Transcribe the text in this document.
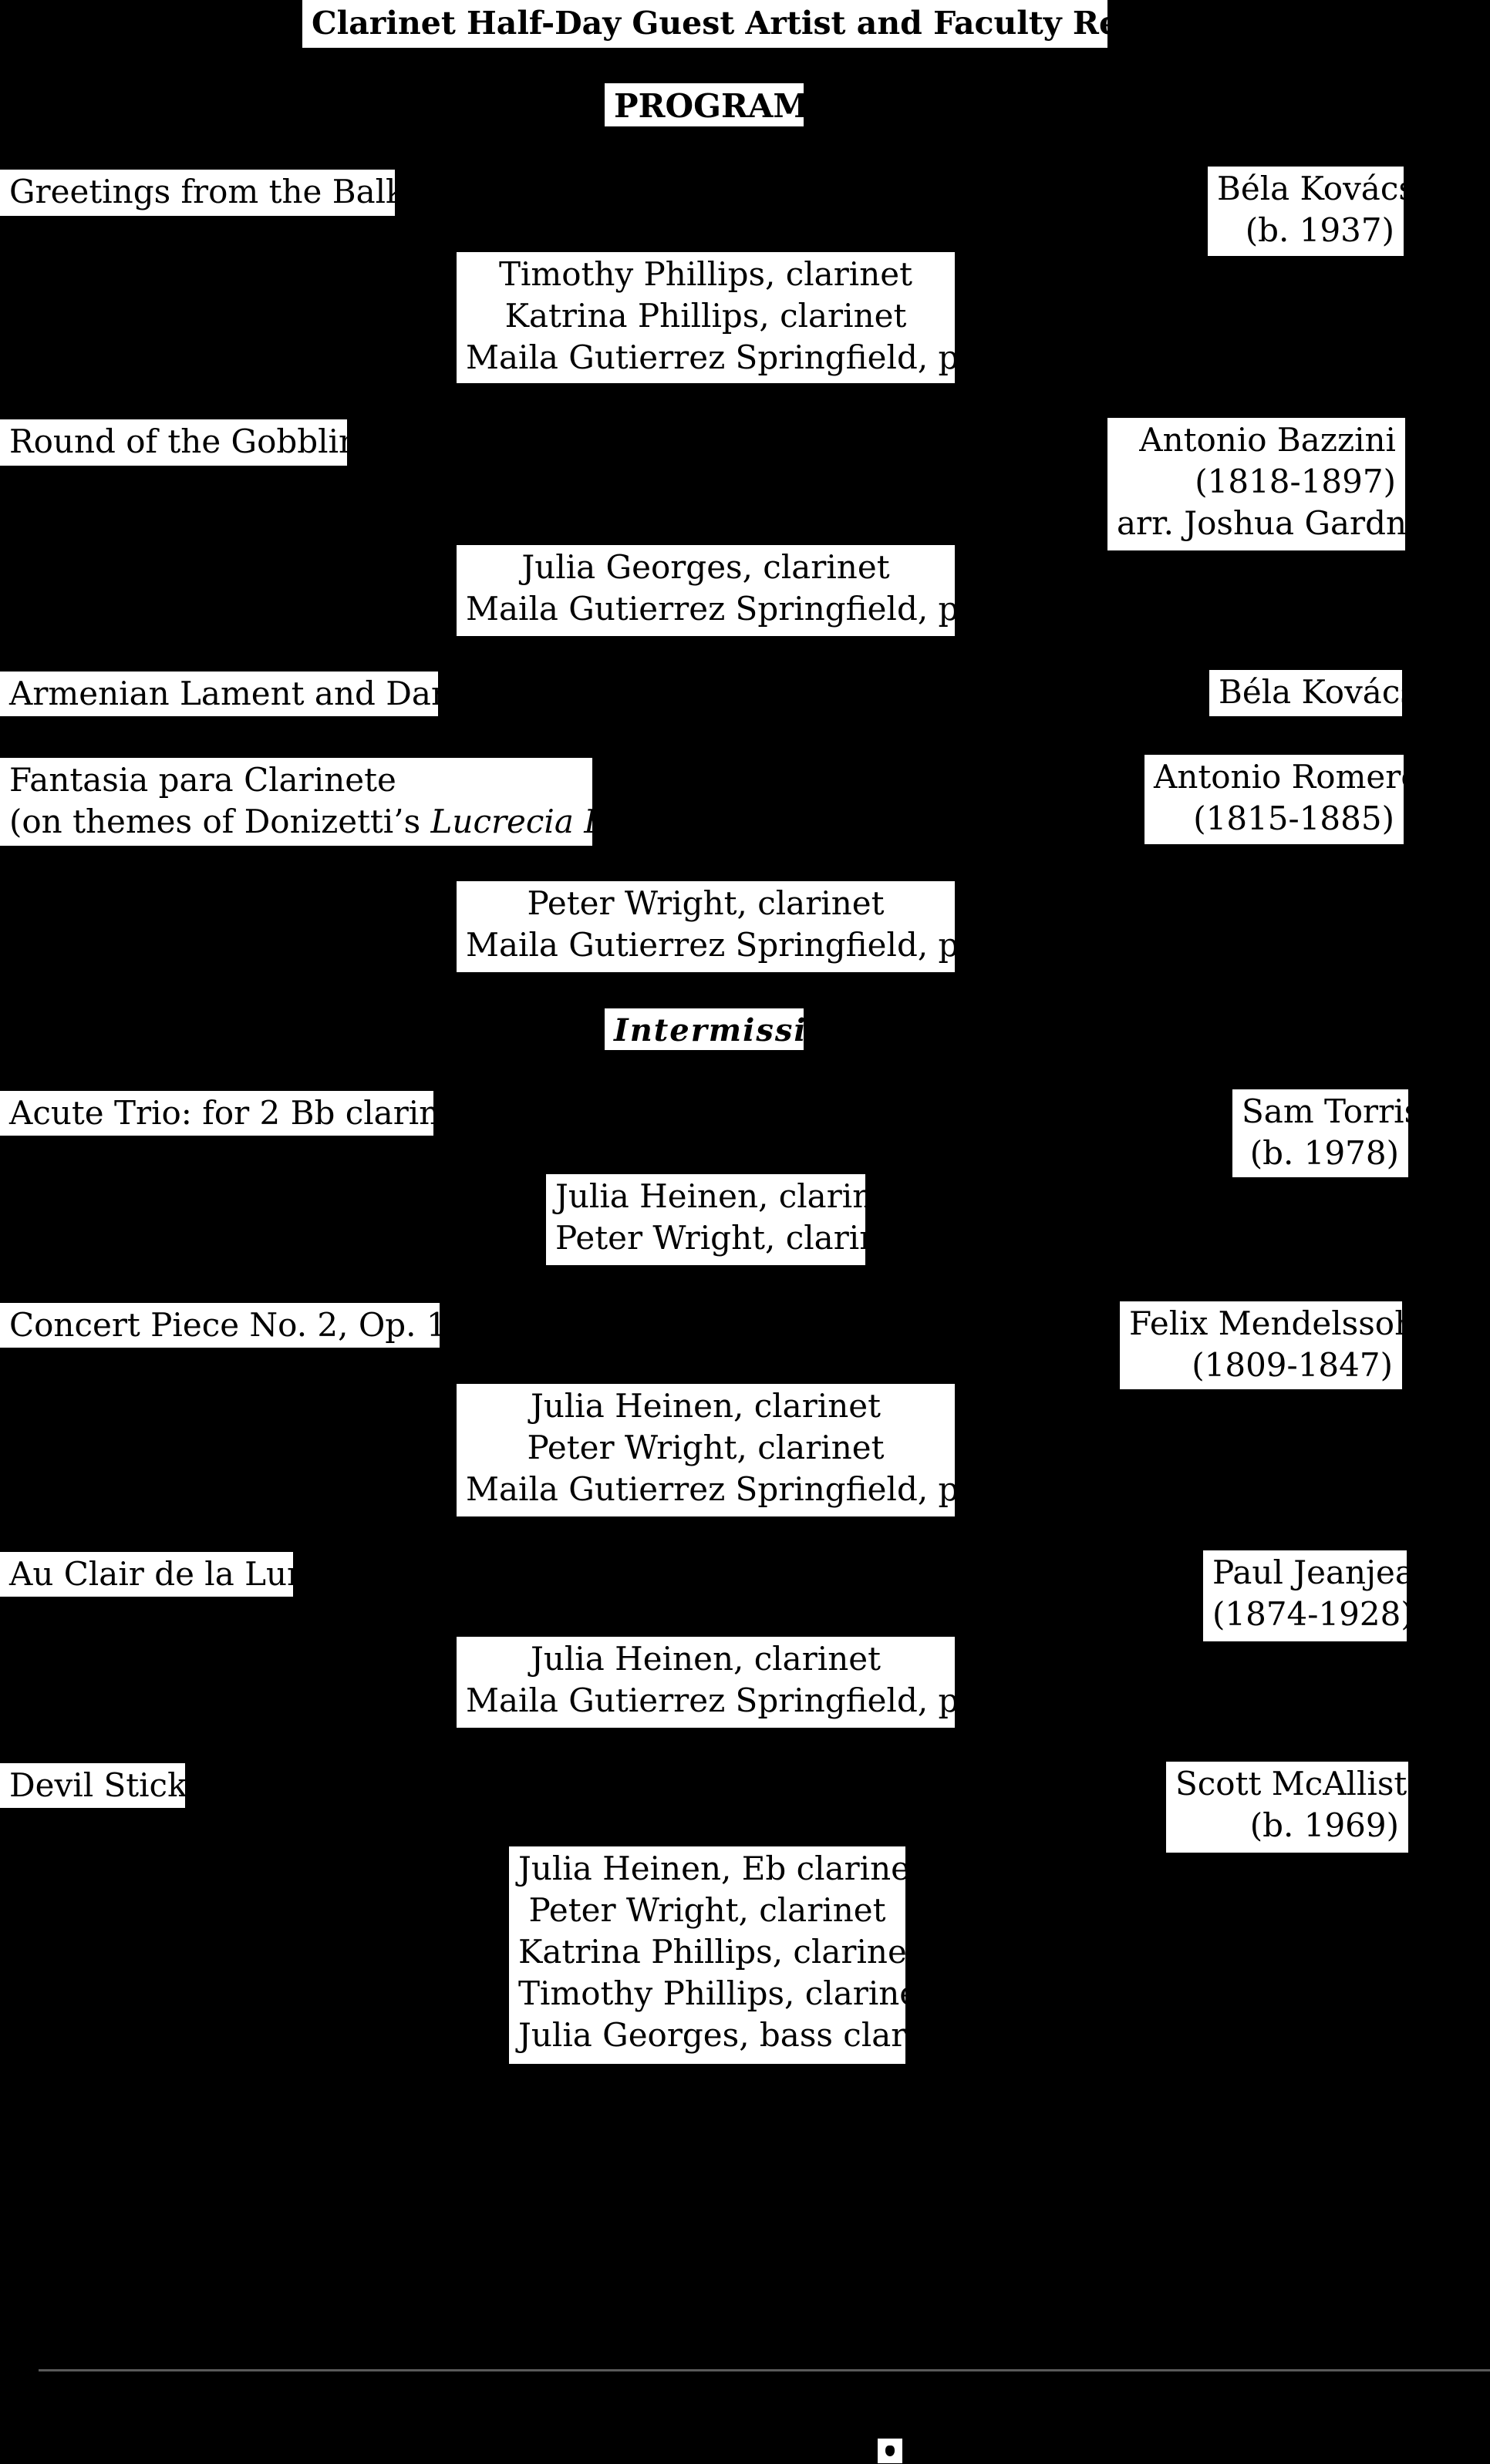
Clarinet Half-Day Guest Artist and Faculty Recital
PROGRAM
Greetings from the Balkan	Béla Kovács
(b. 1937)
Timothy Phillips, clarinet
Katrina Phillips, clarinet
Maila Gutierrez Springfield, piano
Round of the Gobblins	Antonio Bazzini
(1818-1897)
arr. Joshua Gardner
Julia Georges, clarinet
Maila Gutierrez Springfield, piano
Armenian Lament and Dance	Béla Kovács
Fantasia para Clarinete
(on themes of Donizetti’s Lucrecia Borgia)
Antonio Romero
(1815-1885)
Peter Wright, clarinet
Maila Gutierrez Springfield, piano
Intermission
Acute Trio: for 2 Bb clarinets	Sam Torrisi
(b. 1978)
Julia Heinen, clarinet
Peter Wright, clarinet
Concert Piece No. 2, Op. 114	Felix Mendelssohn
(1809-1847)
Julia Heinen, clarinet
Peter Wright, clarinet
Maila Gutierrez Springfield, piano
Au Clair de la Lune	Paul Jeanjean
(1874-1928)
Julia Heinen, clarinet
Maila Gutierrez Springfield, piano
Devil Sticks	Scott McAllister
(b. 1969)
Julia Heinen, Eb clarinet
Peter Wright, clarinet
Katrina Phillips, clarinet
Timothy Phillips, clarinet
Julia Georges, bass clarinet
